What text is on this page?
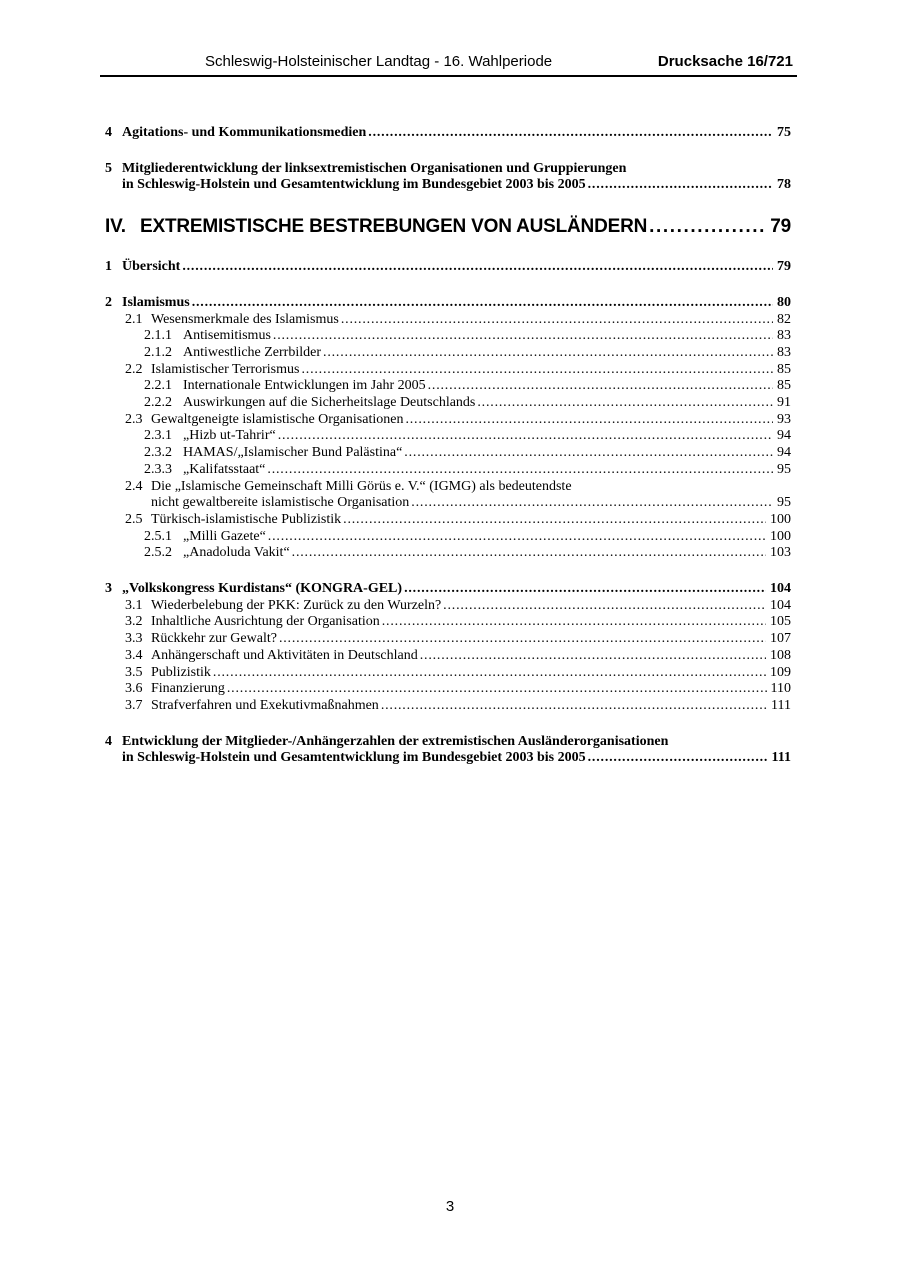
Schleswig-Holsteinischer Landtag - 16. Wahlperiode	Drucksache 16/721
4 Agitations- und Kommunikationsmedien .....	75
5 Mitgliederentwicklung der linksextremistischen Organisationen und Gruppierungen
in Schleswig-Holstein und Gesamtentwicklung im Bundesgebiet 2003 bis 2005 .....	78
IV. EXTREMISTISCHE BESTREBUNGEN VON AUSLÄNDERN .....	79
1 Übersicht .....	79
2 Islamismus .....	80
2.1 Wesensmerkmale des Islamismus .....	82
2.1.1 Antisemitismus .....	83
2.1.2 Antiwestliche Zerrbilder .....	83
2.2 Islamistischer Terrorismus .....	85
2.2.1 Internationale Entwicklungen im Jahr 2005 .....	85
2.2.2 Auswirkungen auf die Sicherheitslage Deutschlands .....	91
2.3 Gewaltgeneigte islamistische Organisationen .....	93
2.3.1 „Hizb ut-Tahrir“ .....	94
2.3.2 HAMAS/„Islamischer Bund Palästina“ .....	94
2.3.3 „Kalifatsstaat“ .....	95
2.4 Die „Islamische Gemeinschaft Milli Görüs e. V.“ (IGMG) als bedeutendste
nicht gewaltbereite islamistische Organisation .....	95
2.5 Türkisch-islamistische Publizistik .....	100
2.5.1 „Milli Gazete“ .....	100
2.5.2 „Anadoluda Vakit“ .....	103
3 „Volkskongress Kurdistans“ (KONGRA-GEL) .....	104
3.1 Wiederbelebung der PKK: Zurück zu den Wurzeln? .....	104
3.2 Inhaltliche Ausrichtung der Organisation .....	105
3.3 Rückkehr zur Gewalt? .....	107
3.4 Anhängerschaft und Aktivitäten in Deutschland .....	108
3.5 Publizistik .....	109
3.6 Finanzierung .....	110
3.7 Strafverfahren und Exekutivmaßnahmen .....	111
4 Entwicklung der Mitglieder-/Anhängerzahlen der extremistischen Ausländerorganisationen
in Schleswig-Holstein und Gesamtentwicklung im Bundesgebiet 2003 bis 2005 .....	111
3
